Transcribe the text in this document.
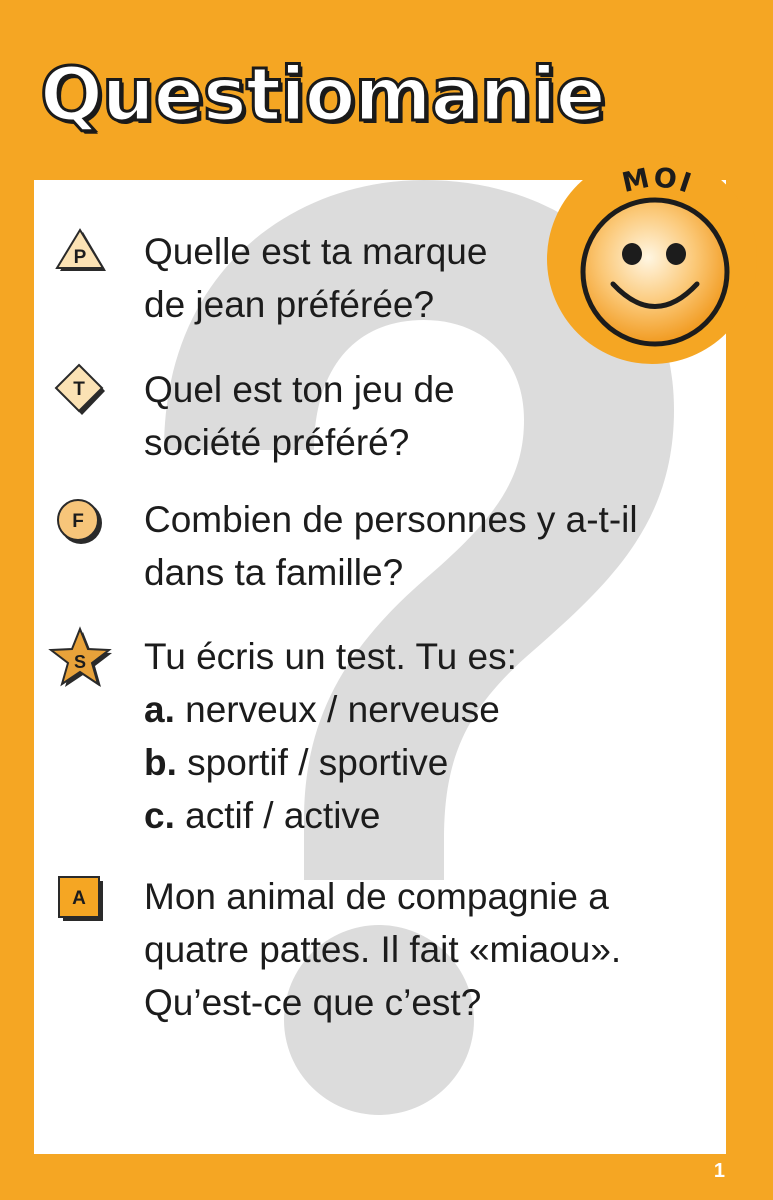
Questiomanie
P Quelle est ta marque
de jean préférée?
T Quel est ton jeu de
société préféré?
F Combien de personnes y a-t-il
dans ta famille?
S Tu écris un test. Tu es:
a. nerveux / nerveuse
b. sportif / sportive
c. actif / active
A Mon animal de compagnie a
quatre pattes. Il fait «miaou».
Qu’est-ce que c’est?
MOI
1
